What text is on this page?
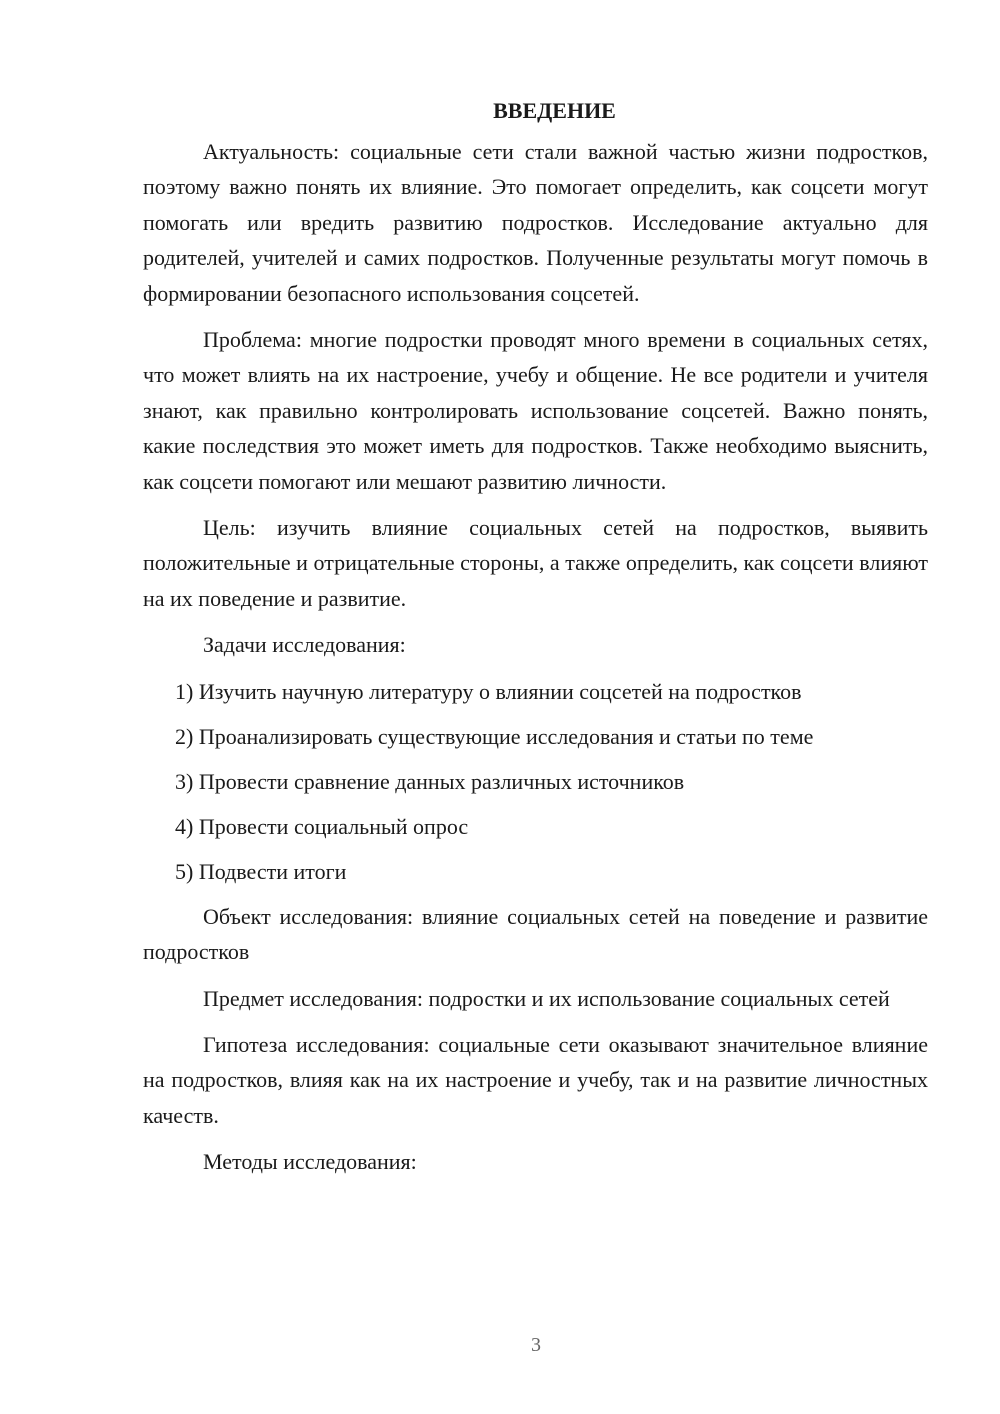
ВВЕДЕНИЕ

Актуальность: социальные сети стали важной частью жизни подростков, поэтому важно понять их влияние. Это помогает определить, как соцсети могут помогать или вредить развитию подростков. Исследование актуально для родителей, учителей и самих подростков. Полученные результаты могут помочь в формировании безопасного использования соцсетей.

Проблема: многие подростки проводят много времени в социальных сетях, что может влиять на их настроение, учебу и общение. Не все родители и учителя знают, как правильно контролировать использование соцсетей. Важно понять, какие последствия это может иметь для подростков. Также необходимо выяснить, как соцсети помогают или мешают развитию личности.

Цель: изучить влияние социальных сетей на подростков, выявить положительные и отрицательные стороны, а также определить, как соцсети влияют на их поведение и развитие.

Задачи исследования:

1) Изучить научную литературу о влиянии соцсетей на подростков
2) Проанализировать существующие исследования и статьи по теме
3) Провести сравнение данных различных источников
4) Провести социальный опрос
5) Подвести итоги

Объект исследования: влияние социальных сетей на поведение и развитие подростков

Предмет исследования: подростки и их использование социальных сетей

Гипотеза исследования: социальные сети оказывают значительное влияние на подростков, влияя как на их настроение и учебу, так и на развитие личностных качеств.

Методы исследования:

3
